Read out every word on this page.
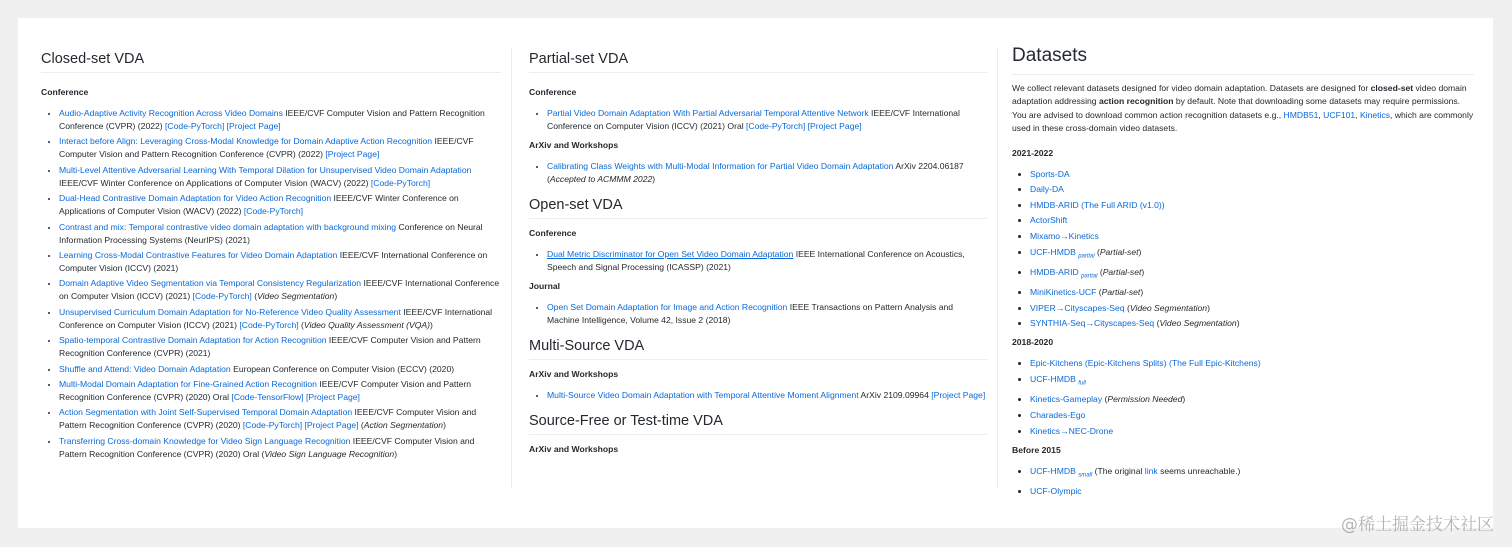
Closed-set VDA
Conference
• Audio-Adaptive Activity Recognition Across Video Domains IEEE/CVF Computer Vision and Pattern Recognition Conference (CVPR) (2022) [Code-PyTorch] [Project Page]
• Interact before Align: Leveraging Cross-Modal Knowledge for Domain Adaptive Action Recognition IEEE/CVF Computer Vision and Pattern Recognition Conference (CVPR) (2022) [Project Page]
• Multi-Level Attentive Adversarial Learning With Temporal Dilation for Unsupervised Video Domain Adaptation IEEE/CVF Winter Conference on Applications of Computer Vision (WACV) (2022) [Code-PyTorch]
• Dual-Head Contrastive Domain Adaptation for Video Action Recognition IEEE/CVF Winter Conference on Applications of Computer Vision (WACV) (2022) [Code-PyTorch]
• Contrast and mix: Temporal contrastive video domain adaptation with background mixing Conference on Neural Information Processing Systems (NeurIPS) (2021)
• Learning Cross-Modal Contrastive Features for Video Domain Adaptation IEEE/CVF International Conference on Computer Vision (ICCV) (2021)
• Domain Adaptive Video Segmentation via Temporal Consistency Regularization IEEE/CVF International Conference on Computer Vision (ICCV) (2021) [Code-PyTorch] (Video Segmentation)
• Unsupervised Curriculum Domain Adaptation for No-Reference Video Quality Assessment IEEE/CVF International Conference on Computer Vision (ICCV) (2021) [Code-PyTorch] (Video Quality Assessment (VQA))
• Spatio-temporal Contrastive Domain Adaptation for Action Recognition IEEE/CVF Computer Vision and Pattern Recognition Conference (CVPR) (2021)
• Shuffle and Attend: Video Domain Adaptation European Conference on Computer Vision (ECCV) (2020)
• Multi-Modal Domain Adaptation for Fine-Grained Action Recognition IEEE/CVF Computer Vision and Pattern Recognition Conference (CVPR) (2020) Oral [Code-TensorFlow] [Project Page]
• Action Segmentation with Joint Self-Supervised Temporal Domain Adaptation IEEE/CVF Computer Vision and Pattern Recognition Conference (CVPR) (2020) [Code-PyTorch] [Project Page] (Action Segmentation)
• Transferring Cross-domain Knowledge for Video Sign Language Recognition IEEE/CVF Computer Vision and Pattern Recognition Conference (CVPR) (2020) Oral (Video Sign Language Recognition)
Partial-set VDA
Conference
• Partial Video Domain Adaptation With Partial Adversarial Temporal Attentive Network IEEE/CVF International Conference on Computer Vision (ICCV) (2021) Oral [Code-PyTorch] [Project Page]
ArXiv and Workshops
• Calibrating Class Weights with Multi-Modal Information for Partial Video Domain Adaptation ArXiv 2204.06187 (Accepted to ACMMM 2022)
Open-set VDA
Conference
• Dual Metric Discriminator for Open Set Video Domain Adaptation IEEE International Conference on Acoustics, Speech and Signal Processing (ICASSP) (2021)
Journal
• Open Set Domain Adaptation for Image and Action Recognition IEEE Transactions on Pattern Analysis and Machine Intelligence, Volume 42, Issue 2 (2018)
Multi-Source VDA
ArXiv and Workshops
• Multi-Source Video Domain Adaptation with Temporal Attentive Moment Alignment ArXiv 2109.09964 [Project Page]
Source-Free or Test-time VDA
ArXiv and Workshops
Datasets

We collect relevant datasets designed for video domain adaptation. Datasets are designed for closed-set video domain adaptation addressing action recognition by default. Note that downloading some datasets may require permissions. You are advised to download common action recognition datasets e.g., HMDB51, UCF101, Kinetics, which are commonly used in these cross-domain video datasets.

2021-2022
• Sports-DA
• Daily-DA
• HMDB-ARID (The Full ARID (v1.0))
• ActorShift
• Mixamo→Kinetics
• UCF-HMDB $_{partial}$ (Partial-set)
• HMDB-ARID $_{partial}$ (Partial-set)
• MiniKinetics-UCF (Partial-set)
• VIPER→Cityscapes-Seq (Video Segmentation)
• SYNTHIA-Seq→Cityscapes-Seq (Video Segmentation)
2018-2020
• Epic-Kitchens (Epic-Kitchens Splits) (The Full Epic-Kitchens)
• UCF-HMDB $_{full}$
• Kinetics-Gameplay (Permission Needed)
• Charades-Ego
• Kinetics→NEC-Drone
Before 2015
• UCF-HMDB $_{small}$ (The original link seems unreachable.)
• UCF-Olympic
@稀土掘金技术社区
